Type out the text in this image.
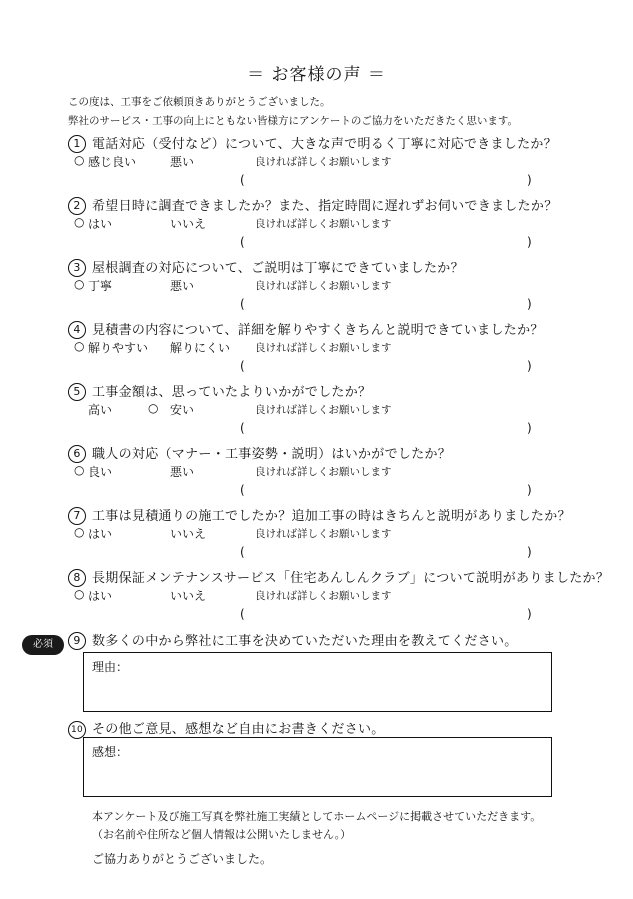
＝ お客様の声 ＝
この度は、工事をご依頼頂きありがとうございました。
弊社のサービス・工事の向上にともない皆様方にアンケートのご協力をいただきたく思います。
1 電話対応（受付など）について、大きな声で明るく丁寧に対応できましたか？
○ 感じ良い	悪い	良ければ詳しくお願いします
(	)
2 希望日時に調査できましたか？また、指定時間に遅れずお伺いできましたか？
○ はい	いいえ	良ければ詳しくお願いします
(	)
3 屋根調査の対応について、ご説明は丁寧にできていましたか？
○ 丁寧	悪い	良ければ詳しくお願いします
(	)
4 見積書の内容について、詳細を解りやすくきちんと説明できていましたか？
○ 解りやすい 解りにくい 良ければ詳しくお願いします
(	)
5 工事金額は、思っていたよりいかがでしたか？
高い	○ 安い	良ければ詳しくお願いします
(	)
6 職人の対応（マナー・工事姿勢・説明）はいかがでしたか？
○ 良い	悪い	良ければ詳しくお願いします
(	)
7 工事は見積通りの施工でしたか？追加工事の時はきちんと説明がありましたか？
○ はい	いいえ	良ければ詳しくお願いします
(	)
8 長期保証メンテナンスサービス「住宅あんしんクラブ」について説明がありましたか？
○ はい	いいえ	良ければ詳しくお願いします
(	)
必須	9 数多くの中から弊社に工事を決めていただいた理由を教えてください。
理由：
10 その他ご意見、感想など自由にお書きください。
感想：
本アンケート及び施工写真を弊社施工実績としてホームページに掲載させていただきます。
（お名前や住所など個人情報は公開いたしません。）
ご協力ありがとうございました。
